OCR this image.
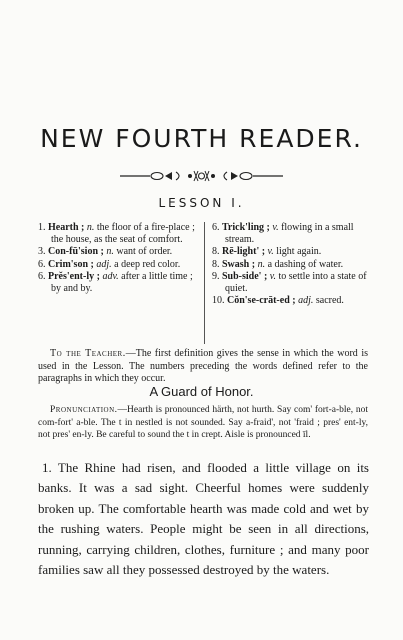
NEW FOURTH READER.
LESSON I.
1. Hearth ; n. the floor of a fire-place ; the house, as the seat of comfort.
3. Con-fū'sion ; n. want of order.
6. Crim'son ; adj. a deep red color.
6. Prĕs'ent-ly ; adv. after a little time ; by and by.
6. Trick'ling ; v. flowing in a small stream.
8. Rē-light' ; v. light again.
8. Swash ; n. a dashing of water.
9. Sub-side' ; v. to settle into a state of quiet.
10. Cŏn'se-crāt-ed ; adj. sacred.
To the Teacher.—The first definition gives the sense in which the word is used in the Lesson. The numbers preceding the words defined refer to the paragraphs in which they occur.
A Guard of Honor.
Pronunciation.—Hearth is pronounced härth, not hurth. Say com' fort-a-ble, not com-fort' a-ble. The t in nestled is not sounded. Say a-fraid', not 'fraid ; pres' ent-ly, not pres' en-ly. Be careful to sound the t in crept. Aisle is pronounced īl.
1. The Rhine had risen, and flooded a little village on its banks. It was a sad sight. Cheerful homes were suddenly broken up. The comfortable hearth was made cold and wet by the rushing waters. People might be seen in all directions, running, carrying children, clothes, furniture ; and many poor families saw all they possessed destroyed by the waters.
